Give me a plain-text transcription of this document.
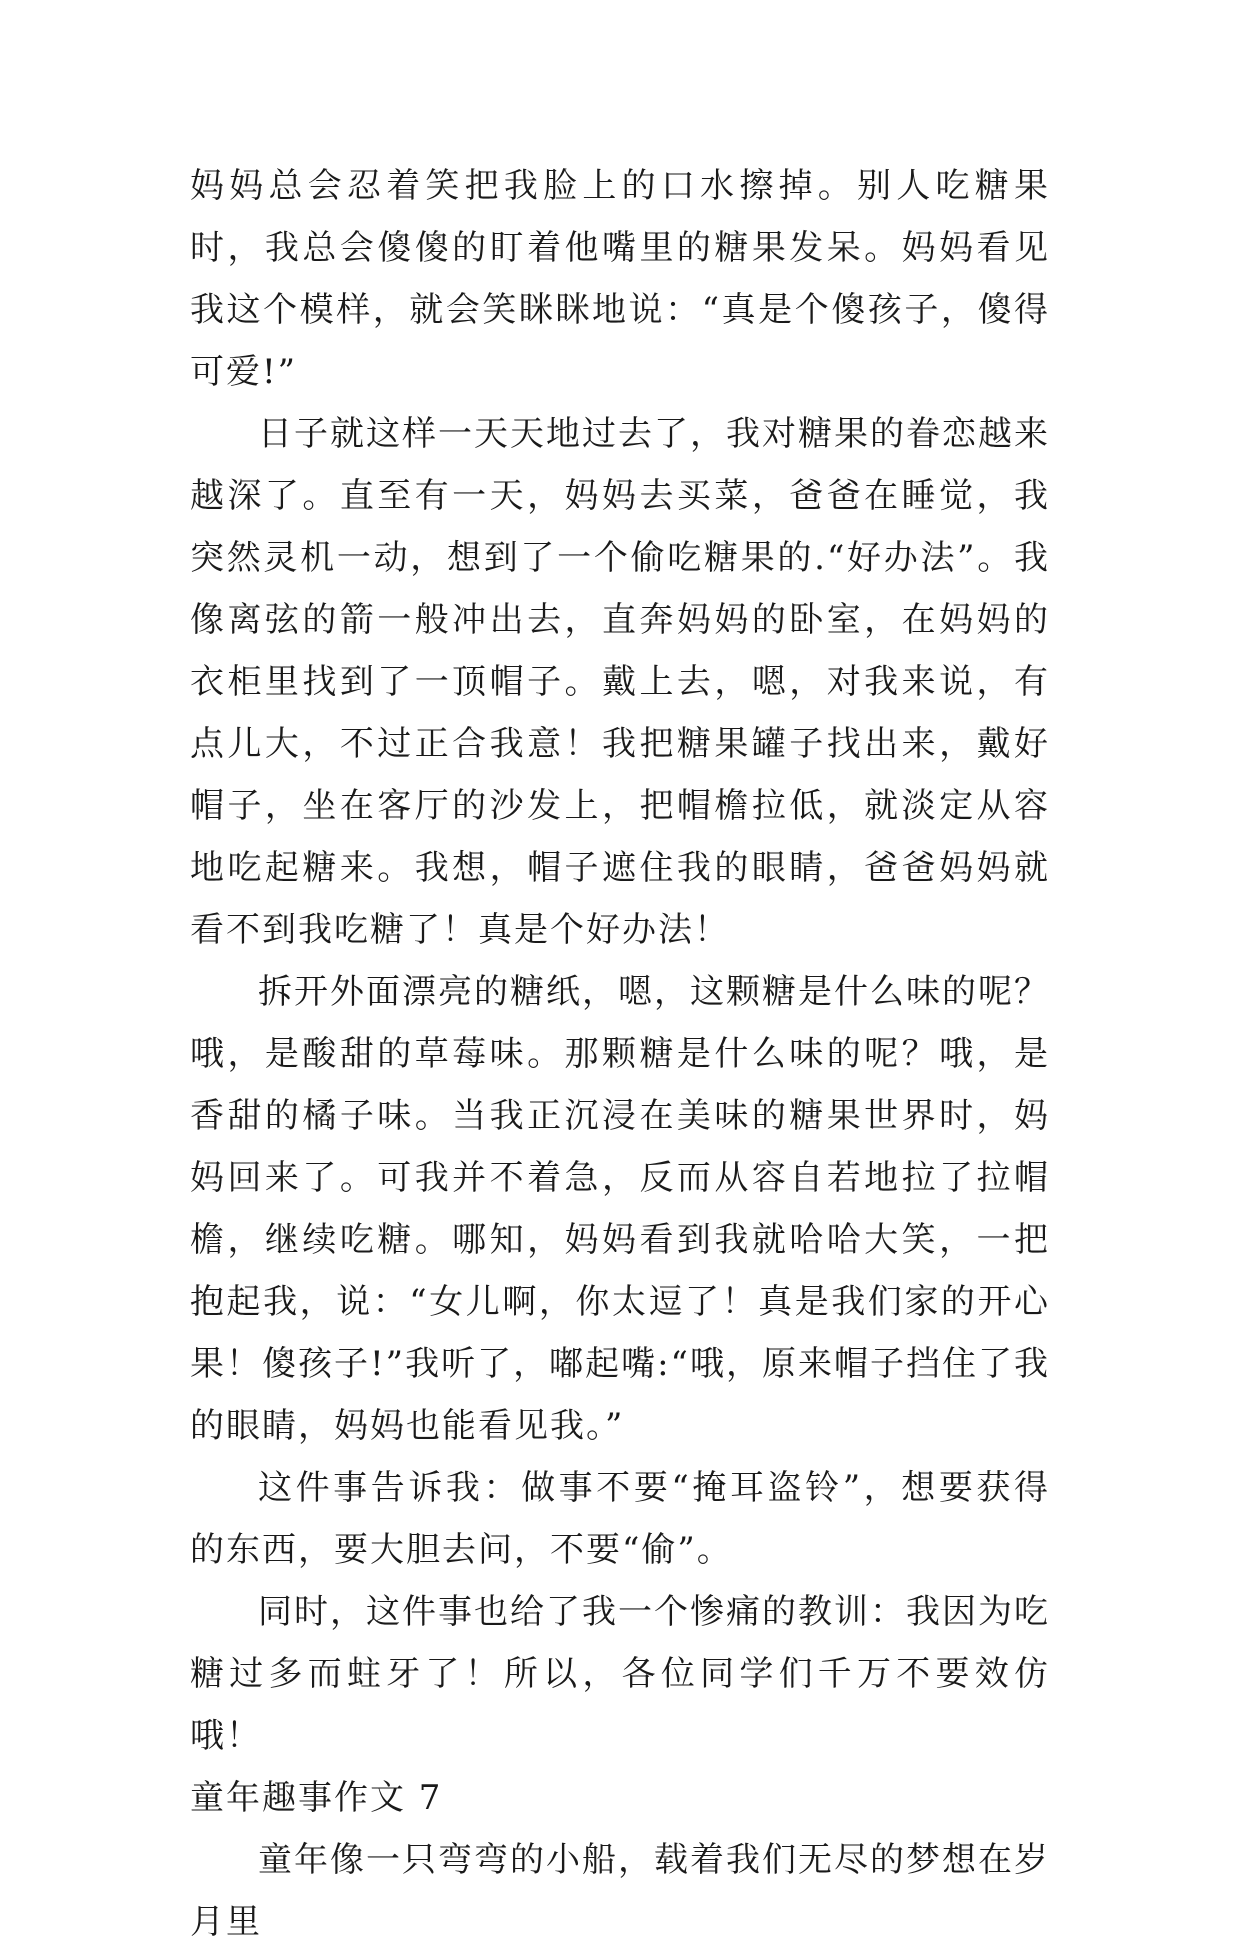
妈妈总会忍着笑把我脸上的口水擦掉。别人吃糖果时，我总会傻傻的盯着他嘴里的糖果发呆。妈妈看见我这个模样，就会笑眯眯地说：“真是个傻孩子，傻得可爱!”

日子就这样一天天地过去了，我对糖果的眷恋越来越深了。直至有一天，妈妈去买菜，爸爸在睡觉，我突然灵机一动，想到了一个偷吃糖果的.“好办法”。我像离弦的箭一般冲出去，直奔妈妈的卧室，在妈妈的衣柜里找到了一顶帽子。戴上去，嗯，对我来说，有点儿大，不过正合我意！我把糖果罐子找出来，戴好帽子，坐在客厅的沙发上，把帽檐拉低，就淡定从容地吃起糖来。我想，帽子遮住我的眼睛，爸爸妈妈就看不到我吃糖了！真是个好办法！

拆开外面漂亮的糖纸，嗯，这颗糖是什么味的呢？哦，是酸甜的草莓味。那颗糖是什么味的呢？哦，是香甜的橘子味。当我正沉浸在美味的糖果世界时，妈妈回来了。可我并不着急，反而从容自若地拉了拉帽檐，继续吃糖。哪知，妈妈看到我就哈哈大笑，一把抱起我，说：“女儿啊，你太逗了！真是我们家的开心果！傻孩子!”我听了，嘟起嘴:“哦，原来帽子挡住了我的眼睛，妈妈也能看见我。”

这件事告诉我：做事不要“掩耳盗铃”，想要获得的东西，要大胆去问，不要“偷”。

同时，这件事也给了我一个惨痛的教训：我因为吃糖过多而蛀牙了！所以，各位同学们千万不要效仿哦！

童年趣事作文 7

童年像一只弯弯的小船，载着我们无尽的梦想在岁月里
